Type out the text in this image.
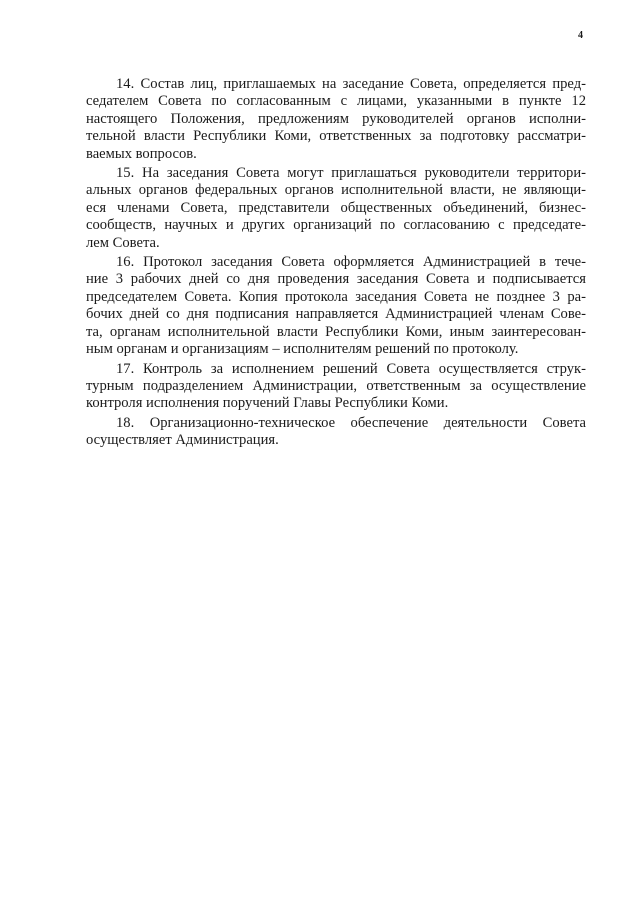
4

14. Состав лиц, приглашаемых на заседание Совета, определяется пред-
седателем Совета по согласованным с лицами, указанными в пункте 12
настоящего Положения, предложениям руководителей органов исполни-
тельной власти Республики Коми, ответственных за подготовку рассматри-
ваемых вопросов.

15. На заседания Совета могут приглашаться руководители территори-
альных органов федеральных органов исполнительной власти, не являющи-
еся членами Совета, представители общественных объединений, бизнес-
сообществ, научных и других организаций по согласованию с председате-
лем Совета.

16. Протокол заседания Совета оформляется Администрацией в тече-
ние 3 рабочих дней со дня проведения заседания Совета и подписывается
председателем Совета. Копия протокола заседания Совета не позднее 3 ра-
бочих дней со дня подписания направляется Администрацией членам Сове-
та, органам исполнительной власти Республики Коми, иным заинтересован-
ным органам и организациям – исполнителям решений по протоколу.

17. Контроль за исполнением решений Совета осуществляется струк-
турным подразделением Администрации, ответственным за осуществление
контроля исполнения поручений Главы Республики Коми.

18. Организационно-техническое обеспечение деятельности Совета
осуществляет Администрация.
